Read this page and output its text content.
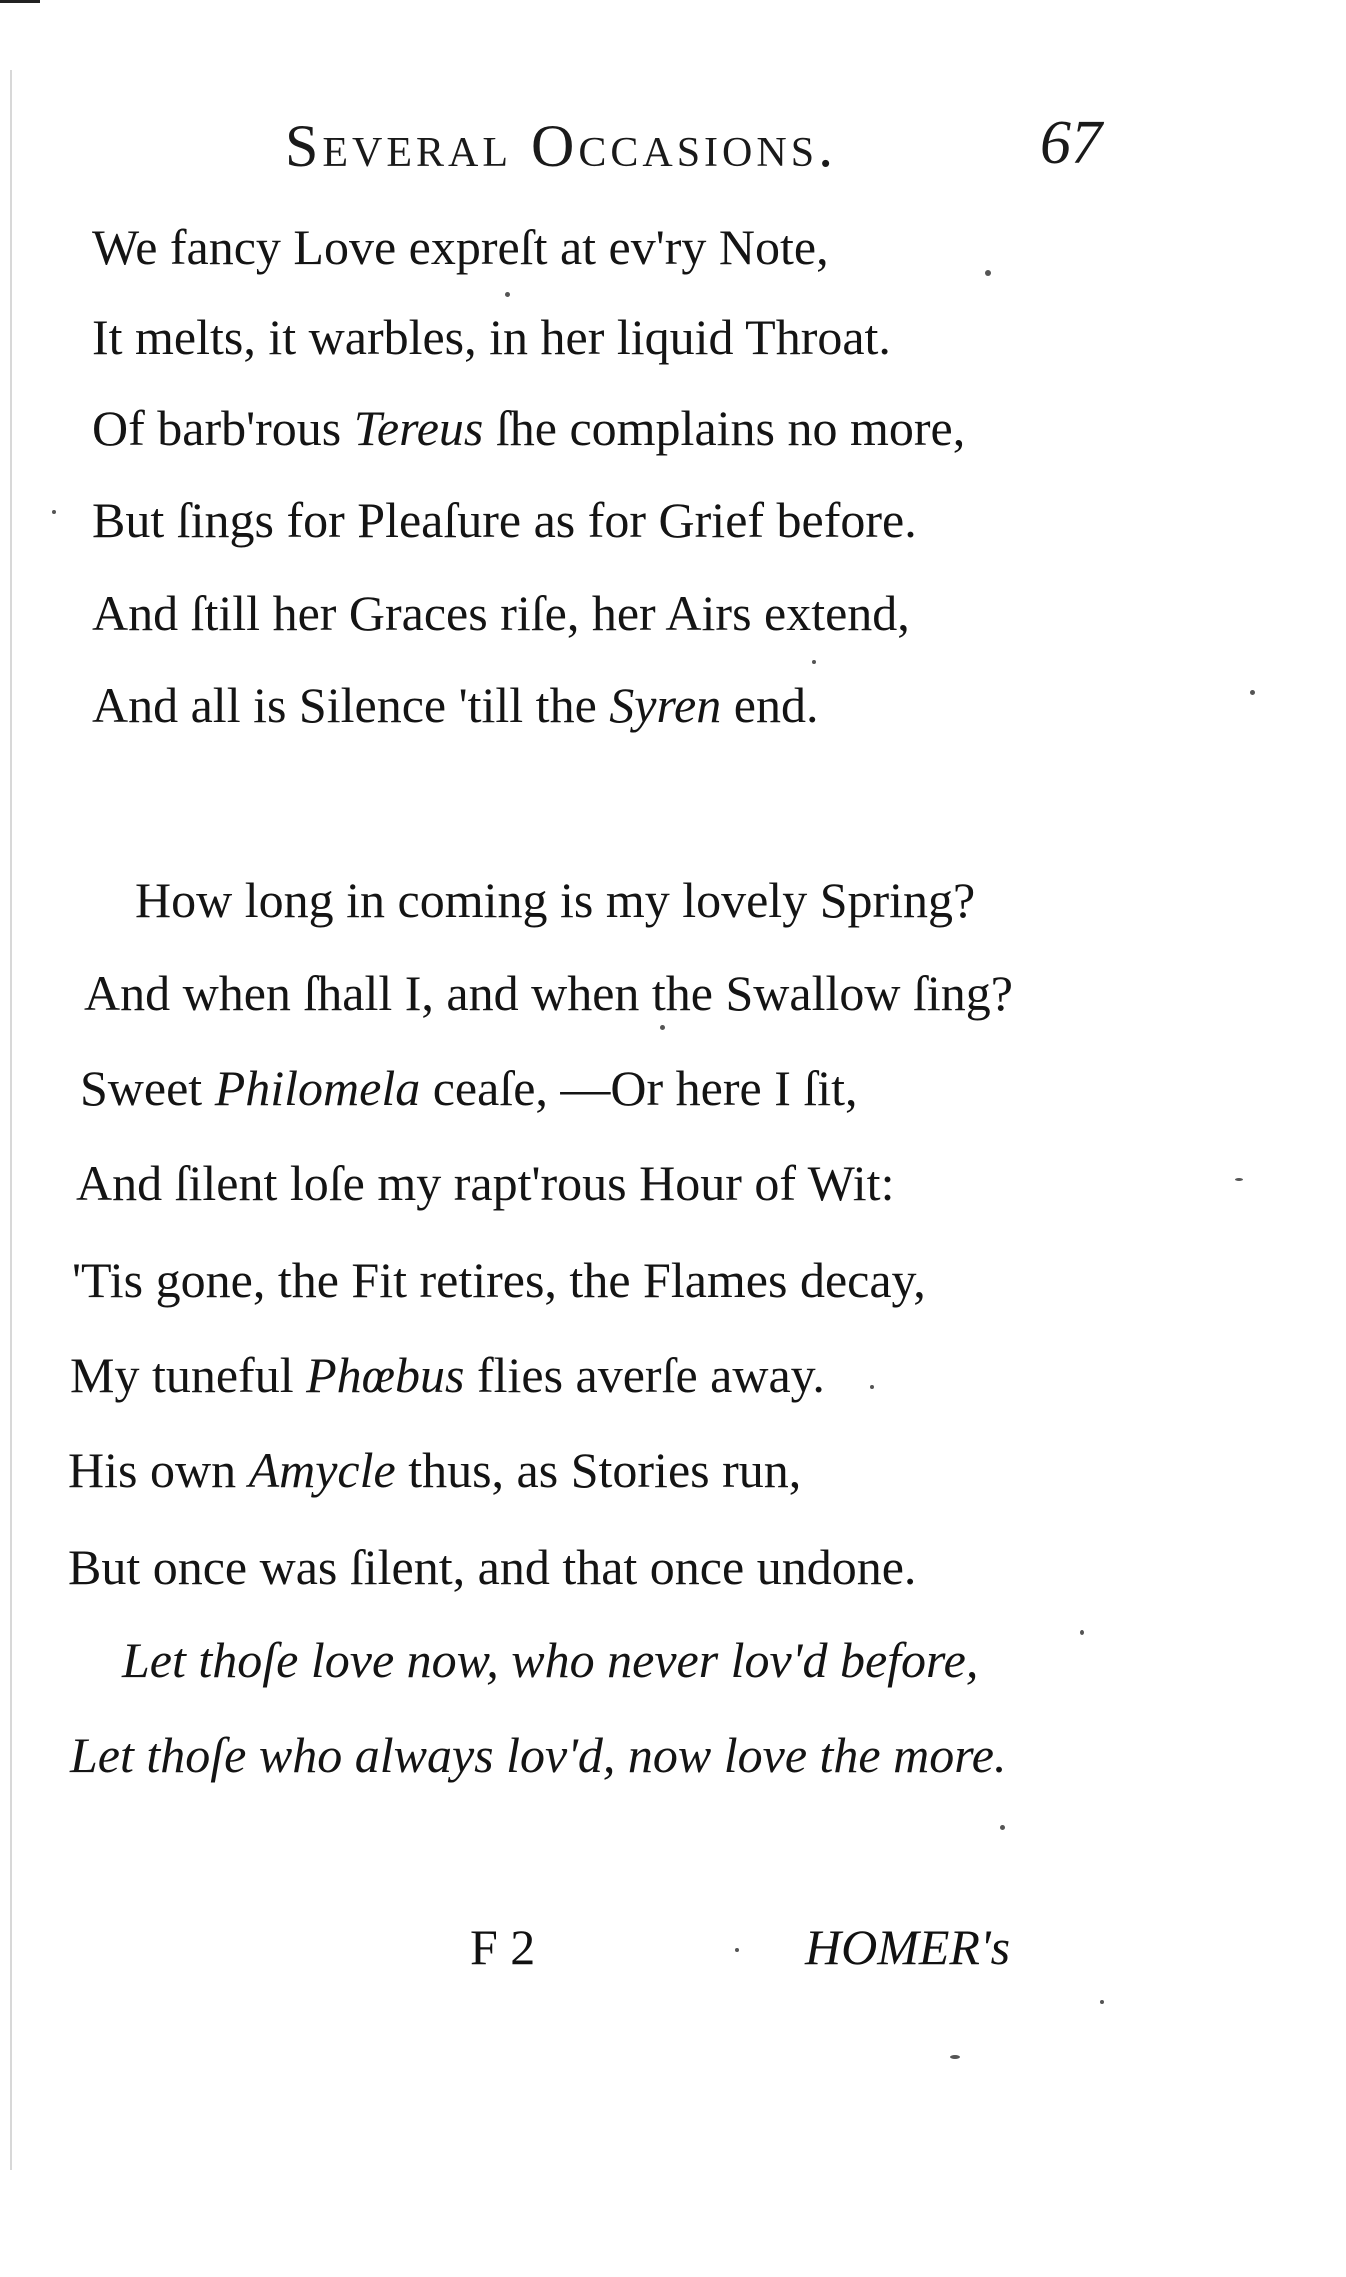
Several Occasions.	67
We fancy Love expreſt at ev'ry Note,
It melts, it warbles, in her liquid Throat.
Of barb'rous Tereus ſhe complains no more,
But ſings for Pleaſure as for Grief before.
And ſtill her Graces riſe, her Airs extend,
And all is Silence 'till the Syren end.
How long in coming is my lovely Spring?
And when ſhall I, and when the Swallow ſing?
Sweet Philomela ceaſe, —Or here I ſit,
And ſilent loſe my rapt'rous Hour of Wit:
'Tis gone, the Fit retires, the Flames decay,
My tuneful Phœbus flies averſe away.
His own Amycle thus, as Stories run,
But once was ſilent, and that once undone.
Let thoſe love now, who never lov'd before,
Let thoſe who always lov'd, now love the more.
F 2	HOMER's
